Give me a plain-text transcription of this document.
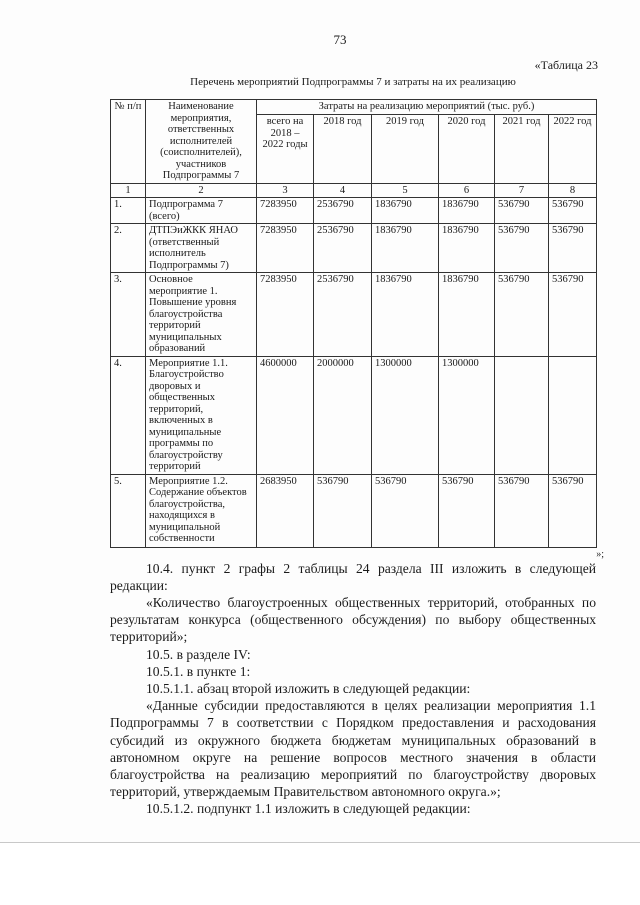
73
«Таблица 23
Перечень мероприятий Подпрограммы 7 и затраты на их реализацию
№ п/п	Наименование мероприятия, ответственных исполнителей (соисполнителей), участников Подпрограммы 7	Затраты на реализацию мероприятий (тыс. руб.)					
		всего на 2018 – 2022 годы	2018 год	2019 год	2020 год	2021 год	2022 год
1	2	3	4	5	6	7	8
1.	Подпрограмма 7 (всего)	7283950	2536790	1836790	1836790	536790	536790
2.	ДТПЭиЖКК ЯНАО (ответственный исполнитель Подпрограммы 7)	7283950	2536790	1836790	1836790	536790	536790
3.	Основное мероприятие 1. Повышение уровня благоустройства территорий муниципальных образований	7283950	2536790	1836790	1836790	536790	536790
4.	Мероприятие 1.1. Благоустройство дворовых и общественных территорий, включенных в муниципальные программы по благоустройству территорий	4600000	2000000	1300000	1300000		
5.	Мероприятие 1.2. Содержание объектов благоустройства, находящихся в муниципальной собственности	2683950	536790	536790	536790	536790	536790
»;

10.4. пункт 2 графы 2 таблицы 24 раздела III изложить в следующей редакции:

«Количество благоустроенных общественных территорий, отобранных по результатам конкурса (общественного обсуждения) по выбору общественных территорий»;

10.5. в разделе IV:

10.5.1. в пункте 1:

10.5.1.1. абзац второй изложить в следующей редакции:

«Данные субсидии предоставляются в целях реализации мероприятия 1.1 Подпрограммы 7 в соответствии с Порядком предоставления и расходования субсидий из окружного бюджета бюджетам муниципальных образований в автономном округе на решение вопросов местного значения в области благоустройства на реализацию мероприятий по благоустройству дворовых территорий, утверждаемым Правительством автономного округа.»;

10.5.1.2. подпункт 1.1 изложить в следующей редакции:
